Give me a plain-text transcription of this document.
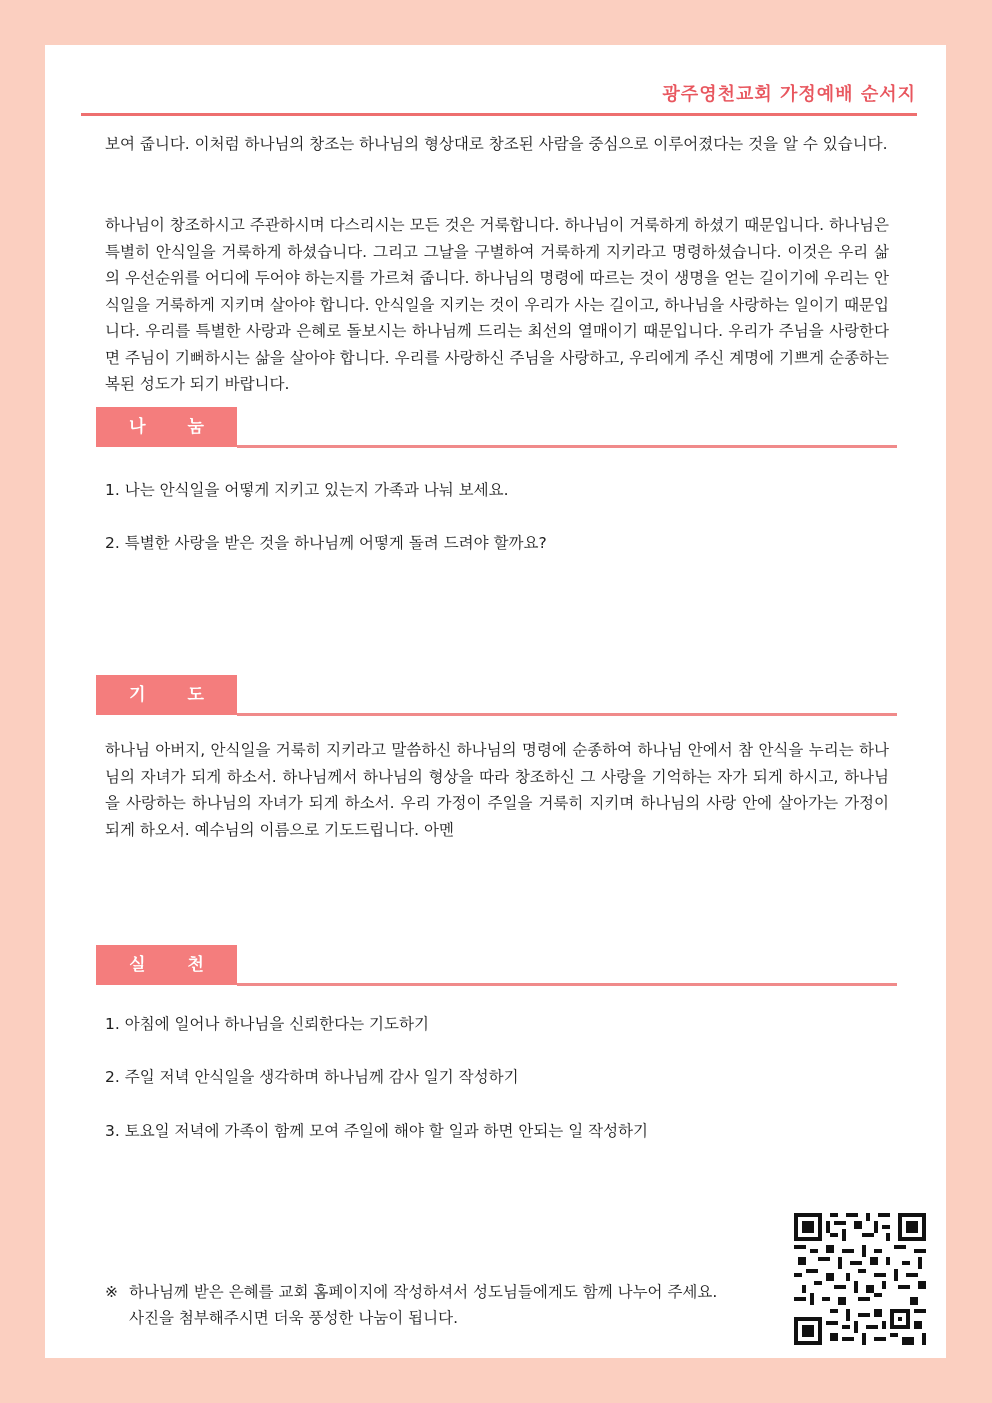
광주영천교회 가정예배 순서지

보여 줍니다. 이처럼 하나님의 창조는 하나님의 형상대로 창조된 사람을 중심으로 이루어졌다는 것을 알 수 있습니다.

하나님이 창조하시고 주관하시며 다스리시는 모든 것은 거룩합니다. 하나님이 거룩하게 하셨기 때문입니다. 하나님은 특별히 안식일을 거룩하게 하셨습니다. 그리고 그날을 구별하여 거룩하게 지키라고 명령하셨습니다. 이것은 우리 삶의 우선순위를 어디에 두어야 하는지를 가르쳐 줍니다. 하나님의 명령에 따르는 것이 생명을 얻는 길이기에 우리는 안식일을 거룩하게 지키며 살아야 합니다. 안식일을 지키는 것이 우리가 사는 길이고, 하나님을 사랑하는 일이기 때문입니다. 우리를 특별한 사랑과 은혜로 돌보시는 하나님께 드리는 최선의 열매이기 때문입니다. 우리가 주님을 사랑한다면 주님이 기뻐하시는 삶을 살아야 합니다. 우리를 사랑하신 주님을 사랑하고, 우리에게 주신 계명에 기쁘게 순종하는 복된 성도가 되기 바랍니다.

나 눔

1. 나는 안식일을 어떻게 지키고 있는지 가족과 나눠 보세요.

2. 특별한 사랑을 받은 것을 하나님께 어떻게 돌려 드려야 할까요?

기 도

하나님 아버지, 안식일을 거룩히 지키라고 말씀하신 하나님의 명령에 순종하여 하나님 안에서 참 안식을 누리는 하나님의 자녀가 되게 하소서. 하나님께서 하나님의 형상을 따라 창조하신 그 사랑을 기억하는 자가 되게 하시고, 하나님을 사랑하는 하나님의 자녀가 되게 하소서. 우리 가정이 주일을 거룩히 지키며 하나님의 사랑 안에 살아가는 가정이 되게 하오서. 예수님의 이름으로 기도드립니다. 아멘

실 천

1. 아침에 일어나 하나님을 신뢰한다는 기도하기

2. 주일 저녁 안식일을 생각하며 하나님께 감사 일기 작성하기

3. 토요일 저녁에 가족이 함께 모여 주일에 해야 할 일과 하면 안되는 일 작성하기

※ 하나님께 받은 은혜를 교회 홈페이지에 작성하셔서 성도님들에게도 함께 나누어 주세요.
사진을 첨부해주시면 더욱 풍성한 나눔이 됩니다.
